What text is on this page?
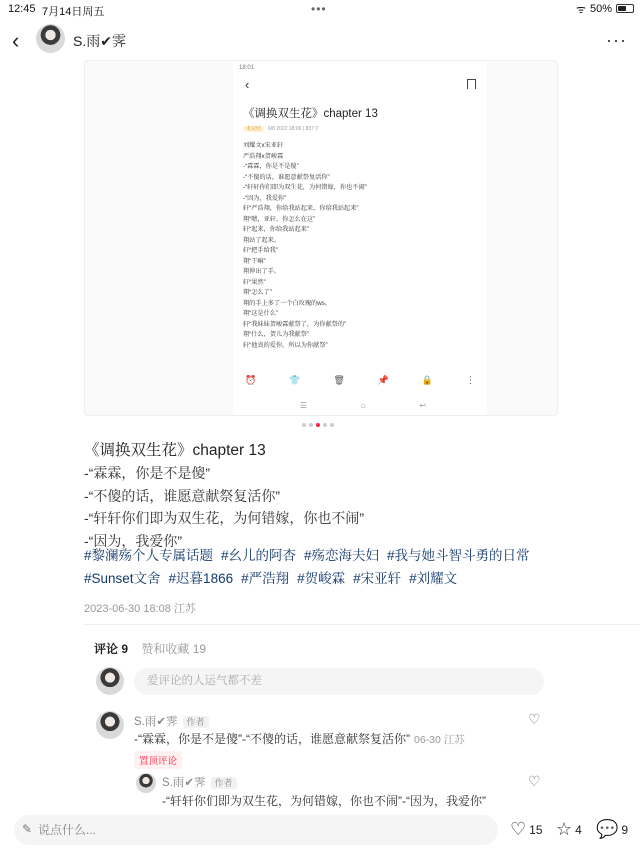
12:45 7月14日周五	•••	ᯤ 50%
‹	S.雨✔︎霁	···
18:01
‹
《调换双生花》chapter 13
未完结 6/8 2022 18:00 | 837字
刘耀文x宋亚轩
严浩翔x贺峻霖
-“霖霖，你是不是傻”
-“不傻的话，谁愿意献祭复活你”
-“轩轩你们即为双生花，为何错嫁，你也不闹”
-“因为，我爱你”
轩“严浩翔，你给我站起来，你给我站起来”
翔“嗯，亚轩，你怎么在这”
轩“起来，你给我站起来”
翔站了起来。
轩“把手给我”
翔“干嘛”
翔伸出了手。
轩“果然”
翔“怎么了”
翔的手上多了一个白玫瑰的ws。
翔“这是什么”
轩“我妹妹贺峻霖献祭了，为你献祭的”
翔“什么，贺儿为我献祭”
轩“他真的爱你，所以为你献祭”
⏰	👕	🗑	📌	🔒	⋮
☰	⌂	↩
《调换双生花》chapter 13
-“霖霖，你是不是傻”
-“不傻的话，谁愿意献祭复活你”
-“轩轩你们即为双生花，为何错嫁，你也不闹”
-“因为，我爱你”
#黎澜殇个人专属话题 #幺儿的阿杏 #殇恋海夫妇 #我与她斗智斗勇的日常
#Sunset文舍 #迟暮1866 #严浩翔 #贺峻霖 #宋亚轩 #刘耀文
2023-06-30 18:08 江苏
评论 9 赞和收藏 19
爱评论的人运气都不差
S.雨✔︎霁 作者
-“霖霖，你是不是傻”-“不傻的话，谁愿意献祭复活你” 06-30 江苏
置顶评论
♡
S.雨✔︎霁 作者
-“轩轩你们即为双生花，为何错嫁，你也不闹”-“因为，我爱你”
♡
说点什么...
✎	♡ 15 ☆ 4 💬 9
